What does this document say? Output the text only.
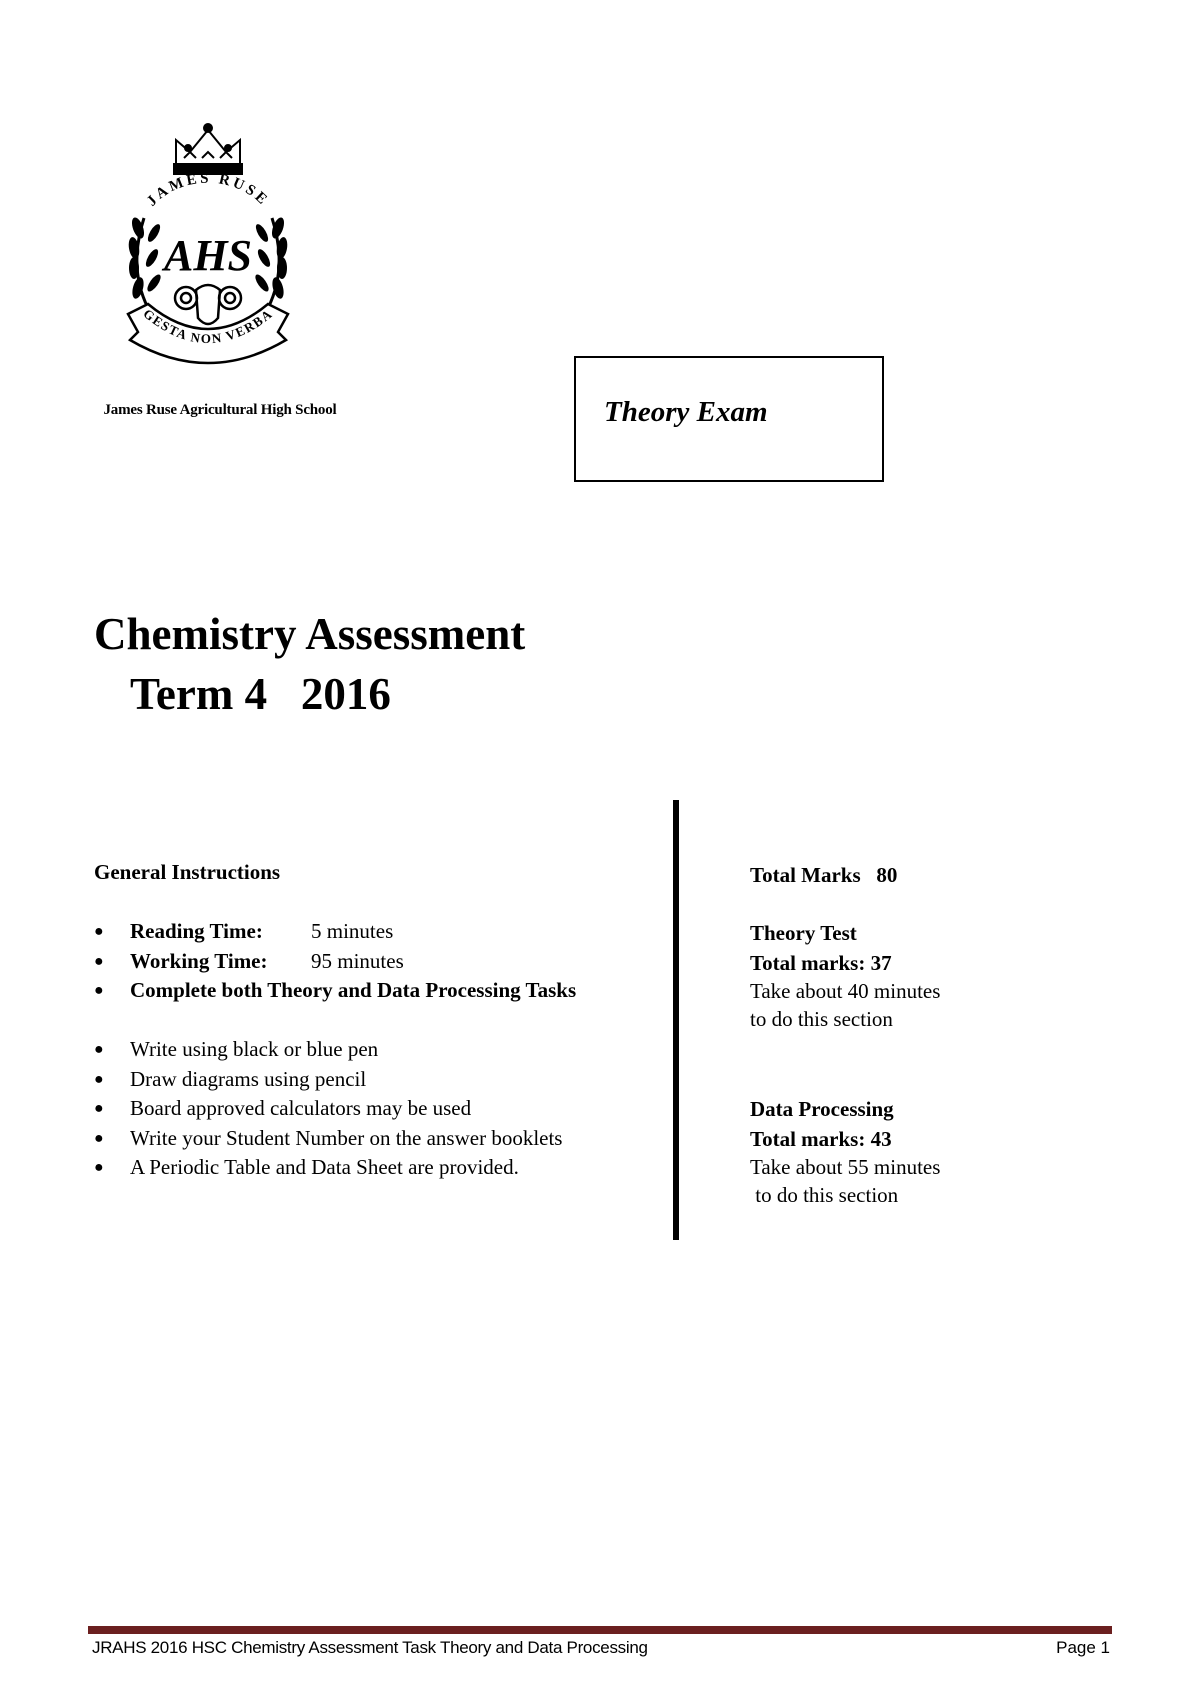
JAMES RUSE
AHS
GESTA NON VERBA
James Ruse Agricultural High School	Theory Exam
Chemistry Assessment
Term 4 2016
General Instructions
●	Reading Time: 5 minutes
●	Working Time: 95 minutes
●	Complete both Theory and Data Processing Tasks
●	Write using black or blue pen
●	Draw diagrams using pencil
●	Board approved calculators may be used
●	Write your Student Number on the answer booklets
●	A Periodic Table and Data Sheet are provided.
Total Marks 80
Theory Test
Total marks: 37
Take about 40 minutes
to do this section
Data Processing
Total marks: 43
Take about 55 minutes
to do this section
JRAHS 2016 HSC Chemistry Assessment Task Theory and Data Processing	Page 1
